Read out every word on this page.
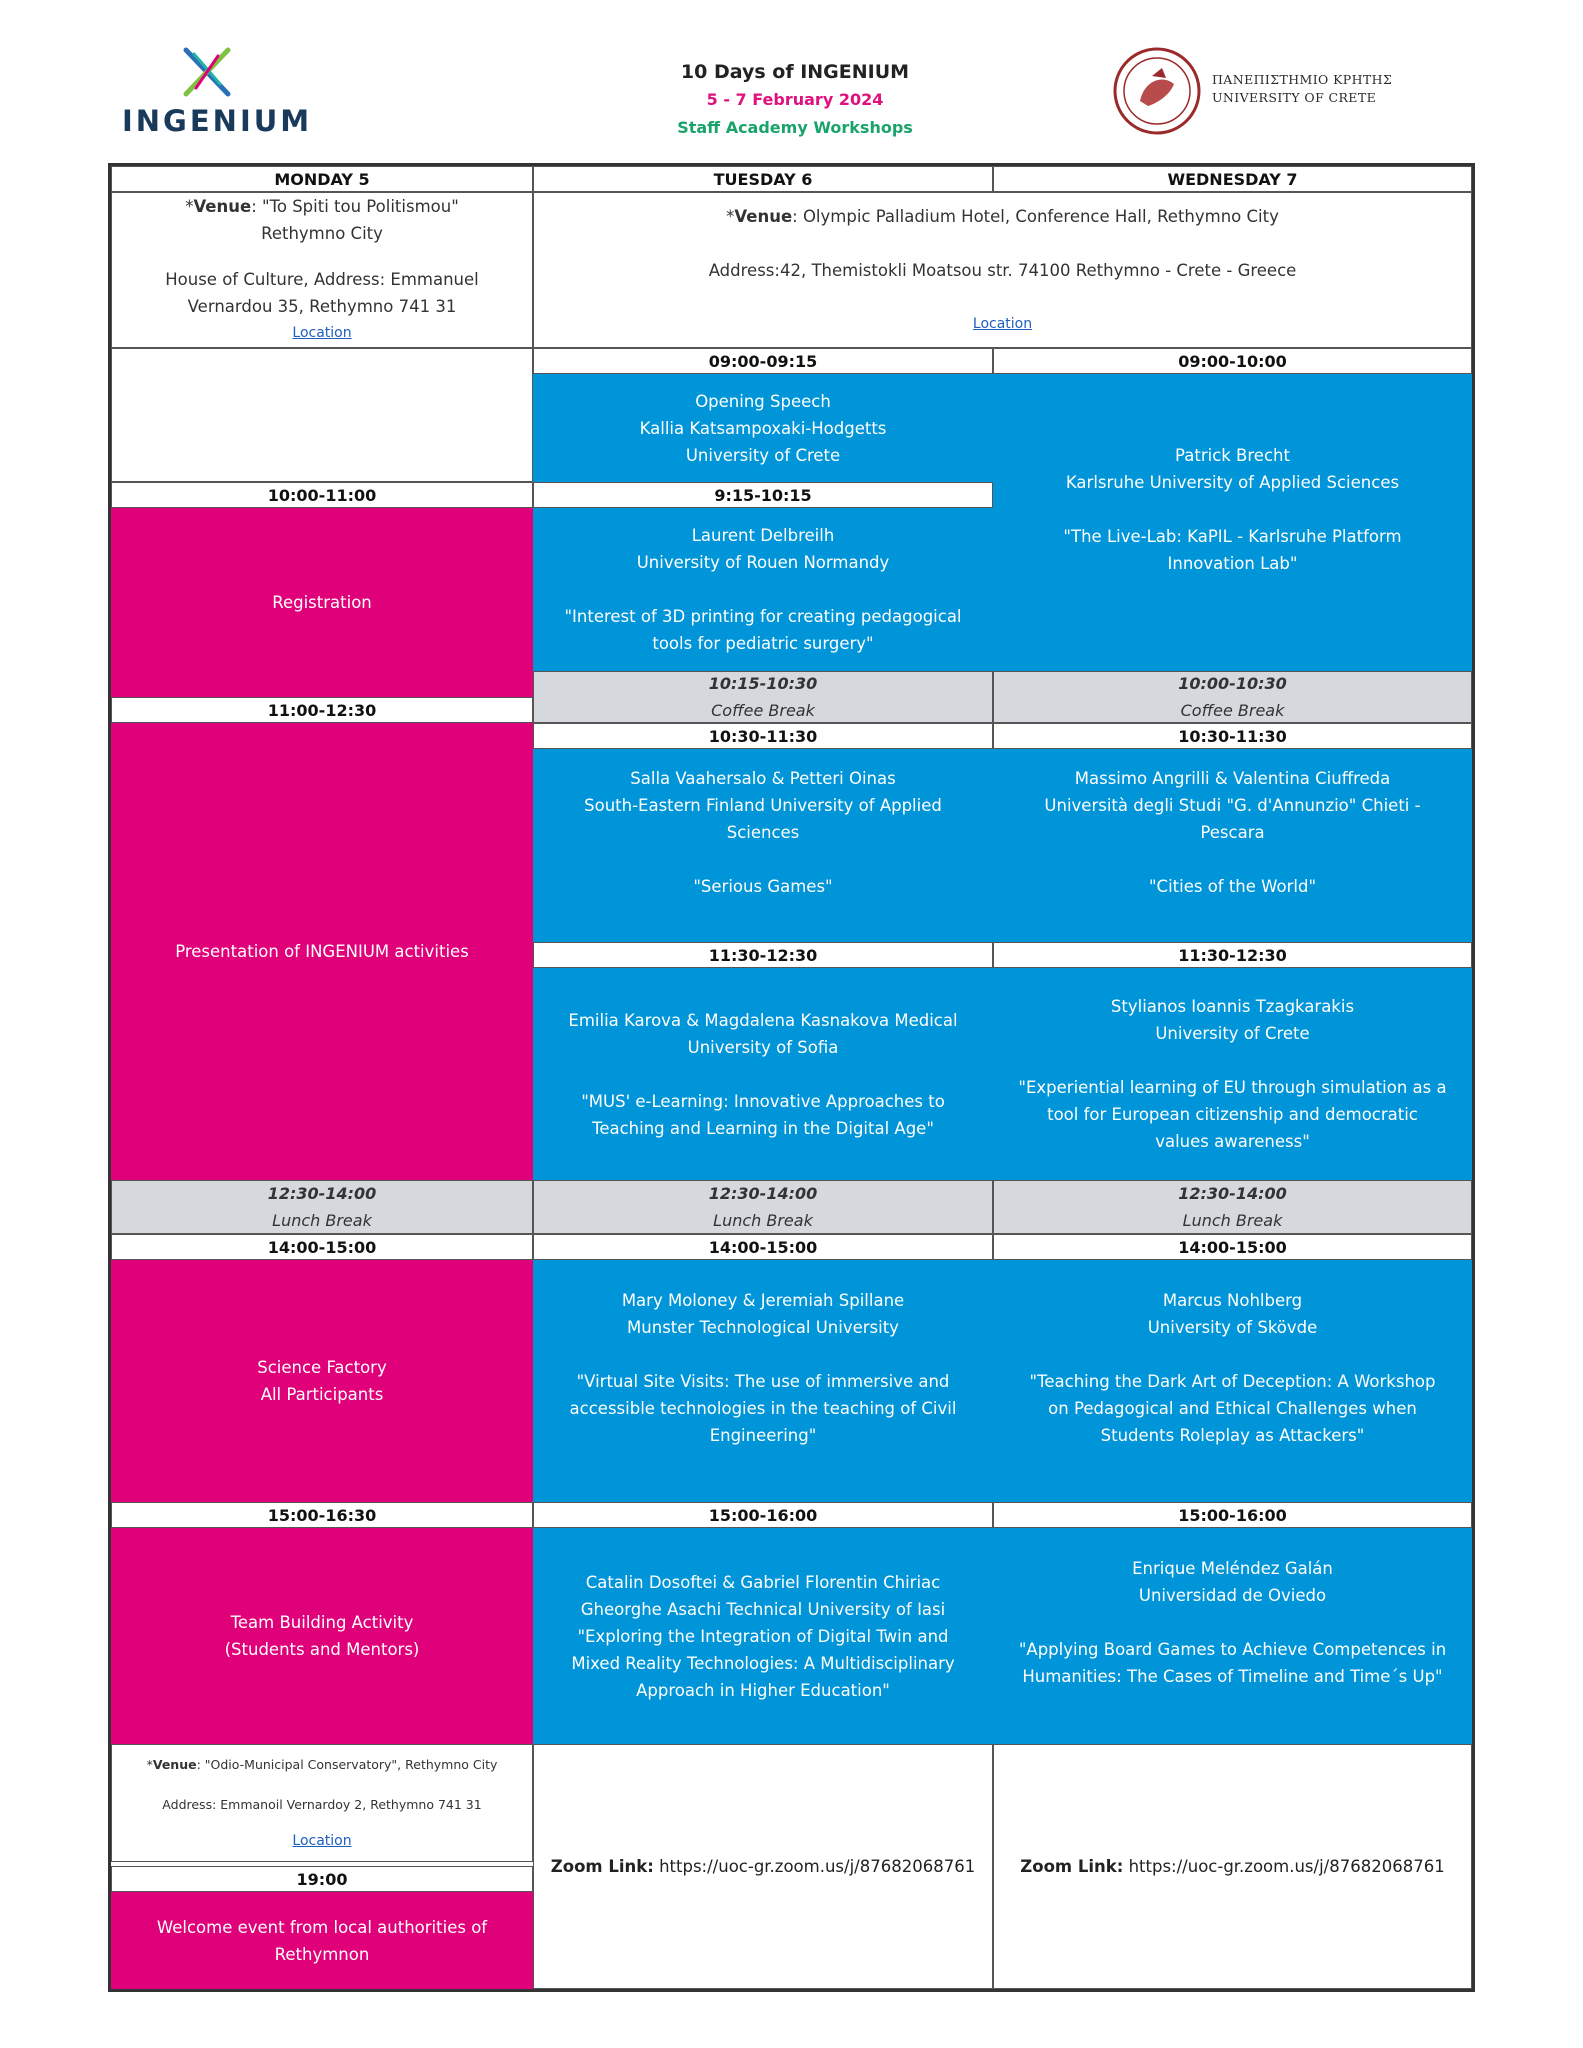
INGENIUM
10 Days of INGENIUM
5 - 7 February 2024
Staff Academy Workshops
ΠΑΝΕΠΙΣΤΗΜΙΟ ΚΡΗΤΗΣ
UNIVERSITY OF CRETE
MONDAY 5	TUESDAY 6	WEDNESDAY 7
*Venue: "To Spiti tou Politismou"
Rethymno City
House of Culture, Address: Emmanuel
Vernardou 35, Rethymno 741 31
Location
*Venue: Olympic Palladium Hotel, Conference Hall, Rethymno City
Address:42, Themistokli Moatsou str. 74100 Rethymno - Crete - Greece
Location
10:00-11:00
Registration
11:00-12:30
Presentation of INGENIUM activities
12:30-14:00
Lunch Break
14:00-15:00
Science Factory
All Participants
15:00-16:30
Team Building Activity
(Students and Mentors)
*Venue: "Odio-Municipal Conservatory", Rethymno City
Address: Emmanoil Vernardoy 2, Rethymno 741 31
Location
19:00
Welcome event from local authorities of
Rethymnon
09:00-09:15
Opening Speech
Kallia Katsampoxaki-Hodgetts
University of Crete
9:15-10:15
Laurent Delbreilh
University of Rouen Normandy
"Interest of 3D printing for creating pedagogical
tools for pediatric surgery"
10:15-10:30
Coffee Break
10:30-11:30
Salla Vaahersalo & Petteri Oinas
South-Eastern Finland University of Applied
Sciences
"Serious Games"
11:30-12:30
Emilia Karova & Magdalena Kasnakova Medical
University of Sofia
"MUS' e-Learning: Innovative Approaches to
Teaching and Learning in the Digital Age"
12:30-14:00
Lunch Break
14:00-15:00
Mary Moloney & Jeremiah Spillane
Munster Technological University
"Virtual Site Visits: The use of immersive and
accessible technologies in the teaching of Civil
Engineering"
15:00-16:00
Catalin Dosoftei & Gabriel Florentin Chiriac
Gheorghe Asachi Technical University of Iasi
"Exploring the Integration of Digital Twin and
Mixed Reality Technologies: A Multidisciplinary
Approach in Higher Education"
Zoom Link: https://uoc-gr.zoom.us/j/87682068761
09:00-10:00
Patrick Brecht
Karlsruhe University of Applied Sciences
"The Live-Lab: KaPIL - Karlsruhe Platform
Innovation Lab"
10:00-10:30
Coffee Break
10:30-11:30
Massimo Angrilli & Valentina Ciuffreda
Università degli Studi "G. d'Annunzio" Chieti -
Pescara
"Cities of the World"
11:30-12:30
Stylianos Ioannis Tzagkarakis
University of Crete
"Experiential learning of EU through simulation as a
tool for European citizenship and democratic
values awareness"
12:30-14:00
Lunch Break
14:00-15:00
Marcus Nohlberg
University of Skövde
"Teaching the Dark Art of Deception: A Workshop
on Pedagogical and Ethical Challenges when
Students Roleplay as Attackers"
15:00-16:00
Enrique Meléndez Galán
Universidad de Oviedo
"Applying Board Games to Achieve Competences in
Humanities: The Cases of Timeline and Time´s Up"
Zoom Link: https://uoc-gr.zoom.us/j/87682068761
